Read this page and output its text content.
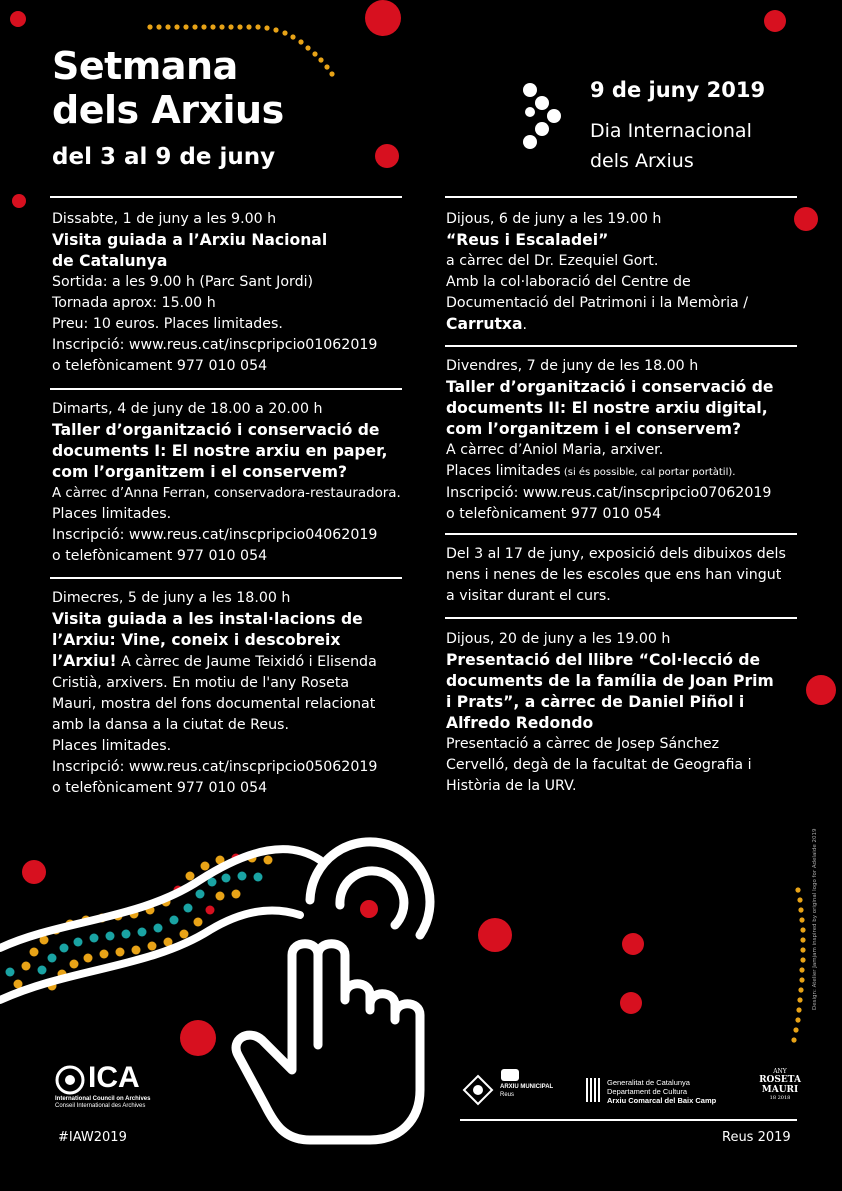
Setmana
dels Arxius
del 3 al 9 de juny
9 de juny 2019
Dia Internacional
dels Arxius

Dissabte, 1 de juny a les 9.00 h

Visita guiada a l’Arxiu Nacional

de Catalunya

Sortida: a les 9.00 h (Parc Sant Jordi)

Tornada aprox: 15.00 h

Preu: 10 euros. Places limitades.

Inscripció: www.reus.cat/inscpripcio01062019

o telefònicament 977 010 054

Dimarts, 4 de juny de 18.00 a 20.00 h

Taller d’organització i conservació de

documents I: El nostre arxiu en paper,

com l’organitzem i el conservem?

A càrrec d’Anna Ferran, conservadora-restauradora.

Places limitades.

Inscripció: www.reus.cat/inscpripcio04062019

o telefònicament 977 010 054

Dimecres, 5 de juny a les 18.00 h

Visita guiada a les instal·lacions de

l’Arxiu: Vine, coneix i descobreix

l’Arxiu! A càrrec de Jaume Teixidó i Elisenda

Cristià, arxivers. En motiu de l'any Roseta

Mauri, mostra del fons documental relacionat

amb la dansa a la ciutat de Reus.

Places limitades.

Inscripció: www.reus.cat/inscpripcio05062019

o telefònicament 977 010 054

Dijous, 6 de juny a les 19.00 h

“Reus i Escaladei”

a càrrec del Dr. Ezequiel Gort.

Amb la col·laboració del Centre de

Documentació del Patrimoni i la Memòria /

Carrutxa.

Divendres, 7 de juny de les 18.00 h

Taller d’organització i conservació de

documents II: El nostre arxiu digital,

com l’organitzem i el conservem?

A càrrec d’Aniol Maria, arxiver.

Places limitades (si és possible, cal portar portàtil).

Inscripció: www.reus.cat/inscpripcio07062019

o telefònicament 977 010 054

Del 3 al 17 de juny, exposició dels dibuixos dels

nens i nenes de les escoles que ens han vingut

a visitar durant el curs.

Dijous, 20 de juny a les 19.00 h

Presentació del llibre “Col·lecció de

documents de la família de Joan Prim

i Prats”, a càrrec de Daniel Piñol i

Alfredo Redondo

Presentació a càrrec de Josep Sánchez

Cervelló, degà de la facultat de Geografia i

Història de la URV.

Design: Atelier Jamjam inspired by original logo for Adelaide 2019
ICA
International Council on Archives
Conseil International des Archives
ARXIU MUNICIPAL
Reus
Generalitat de Catalunya
Departament de Cultura
Arxiu Comarcal del Baix Camp
ANY
ROSETA
MAURI
18 2018
#IAW2019	Reus 2019
